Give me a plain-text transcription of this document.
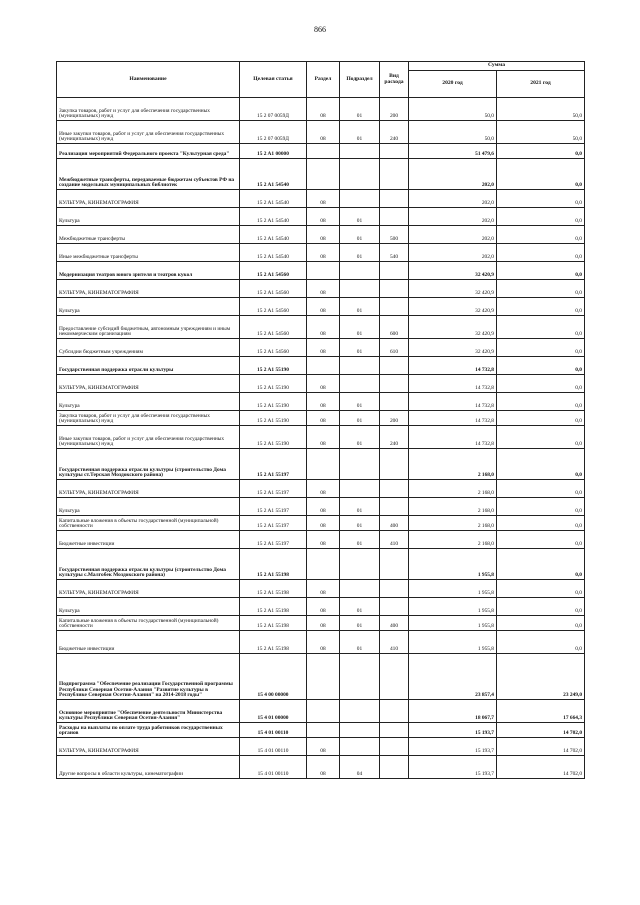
866
Наименование	Целевая статья	Раздел	Подраздел	Вид расхода	Сумма	
					2020 год	2021 год
Закупка товаров, работ и услуг для обеспечения государственных (муниципальных) нужд	15 2 07 0059Д	08	01	200	50,0	50,0
Иные закупки товаров, работ и услуг для обеспечения государственных (муниципальных) нужд	15 2 07 0059Д	08	01	240	50,0	50,0
Реализация мероприятий Федерального проекта "Культурная среда"	15 2 A1 00000				51 479,6	0,0
Межбюджетные трансферты, передаваемые бюджетам субъектов РФ на создание модельных муниципальных библиотек	15 2 A1 54540				202,0	0,0
КУЛЬТУРА, КИНЕМАТОГРАФИЯ	15 2 A1 54540	08			202,0	0,0
Культура	15 2 A1 54540	08	01		202,0	0,0
Межбюджетные трансферты	15 2 A1 54540	08	01	500	202,0	0,0
Иные межбюджетные трансферты	15 2 A1 54540	08	01	540	202,0	0,0
Модернизация театров юного зрителя и театров кукол	15 2 A1 54560				32 420,9	0,0
КУЛЬТУРА, КИНЕМАТОГРАФИЯ	15 2 A1 54560	08			32 420,9	0,0
Культура	15 2 A1 54560	08	01		32 420,9	0,0
Предоставление субсидий бюджетным, автономным учреждениям и иным некоммерческим организациям	15 2 A1 54560	08	01	600	32 420,9	0,0
Субсидии бюджетным учреждениям	15 2 A1 54560	08	01	610	32 420,9	0,0
Государственная поддержка отрасли культуры	15 2 A1 55190				14 732,8	0,0
КУЛЬТУРА, КИНЕМАТОГРАФИЯ	15 2 A1 55190	08			14 732,8	0,0
Культура	15 2 A1 55190	08	01		14 732,8	0,0
Закупка товаров, работ и услуг для обеспечения государственных (муниципальных) нужд	15 2 A1 55190	08	01	200	14 732,8	0,0
Иные закупки товаров, работ и услуг для обеспечения государственных (муниципальных) нужд	15 2 A1 55190	08	01	240	14 732,8	0,0
Государственная поддержка отрасли культуры (строительство Дома культуры ст.Терская Моздокского района)	15 2 A1 55197				2 168,0	0,0
КУЛЬТУРА, КИНЕМАТОГРАФИЯ	15 2 A1 55197	08			2 168,0	0,0
Культура	15 2 A1 55197	08	01		2 168,0	0,0
Капитальные вложения в объекты государственной (муниципальной) собственности	15 2 A1 55197	08	01	400	2 168,0	0,0
Бюджетные инвестиции	15 2 A1 55197	08	01	410	2 168,0	0,0
Государственная поддержка отрасли культуры (строительство Дома культуры с.Малгобек Моздокского района)	15 2 A1 55198				1 955,8	0,0
КУЛЬТУРА, КИНЕМАТОГРАФИЯ	15 2 A1 55198	08			1 955,8	0,0
Культура	15 2 A1 55198	08	01		1 955,8	0,0
Капитальные вложения в объекты государственной (муниципальной) собственности	15 2 A1 55198	08	01	400	1 955,8	0,0
Бюджетные инвестиции	15 2 A1 55198	08	01	410	1 955,8	0,0
Подпрограмма "Обеспечение реализации Государственной программы Республики Северная Осетия-Алания "Развитие культуры в Республике Северная Осетия-Алания" на 2014-2018 годы"	15 4 00 00000				23 857,4	23 249,0
Основное мероприятие "Обеспечение деятельности Министерства культуры Республики Северная Осетия-Алания"	15 4 01 00000				18 067,7	17 664,3
Расходы на выплаты по оплате труда работников государственных органов	15 4 01 00110				15 193,7	14 702,0
КУЛЬТУРА, КИНЕМАТОГРАФИЯ	15 4 01 00110	08			15 193,7	14 702,0
Другие вопросы в области культуры, кинематографии	15 4 01 00110	08	04		15 193,7	14 702,0
